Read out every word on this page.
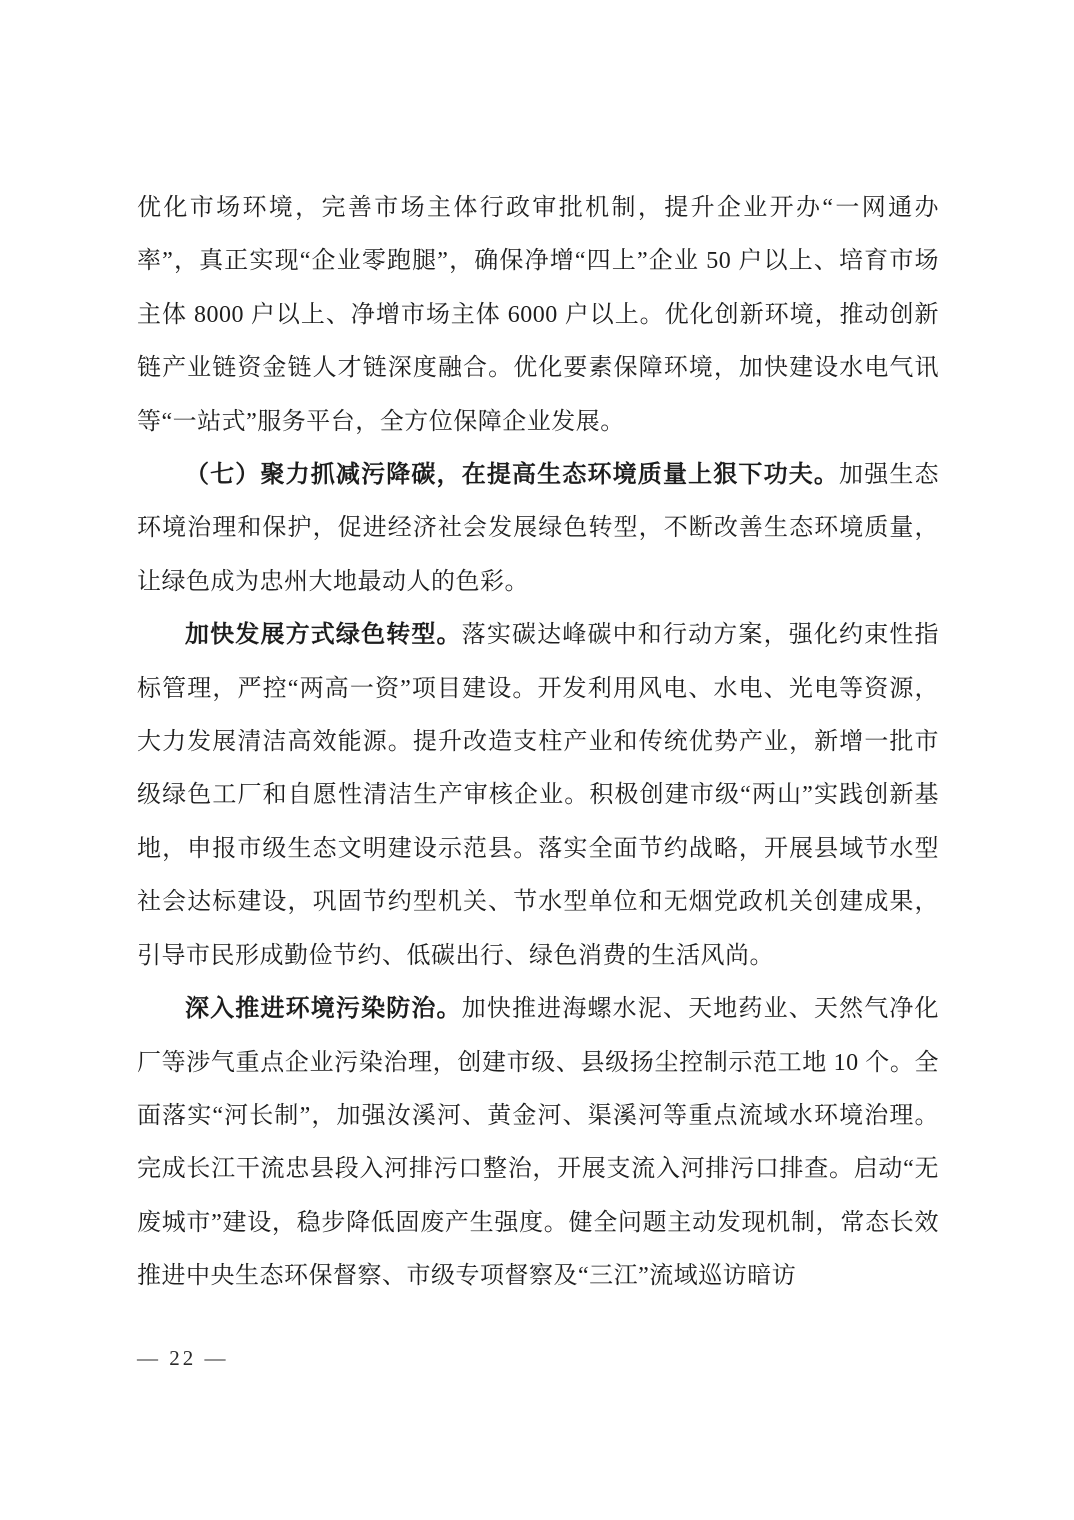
优化市场环境，完善市场主体行政审批机制，提升企业开办“一网通办率”，真正实现“企业零跑腿”，确保净增“四上”企业 50 户以上、培育市场主体 8000 户以上、净增市场主体 6000 户以上。优化创新环境，推动创新链产业链资金链人才链深度融合。优化要素保障环境，加快建设水电气讯等“一站式”服务平台，全方位保障企业发展。

（七）聚力抓减污降碳，在提高生态环境质量上狠下功夫。加强生态环境治理和保护，促进经济社会发展绿色转型，不断改善生态环境质量，让绿色成为忠州大地最动人的色彩。

加快发展方式绿色转型。落实碳达峰碳中和行动方案，强化约束性指标管理，严控“两高一资”项目建设。开发利用风电、水电、光电等资源，大力发展清洁高效能源。提升改造支柱产业和传统优势产业，新增一批市级绿色工厂和自愿性清洁生产审核企业。积极创建市级“两山”实践创新基地，申报市级生态文明建设示范县。落实全面节约战略，开展县域节水型社会达标建设，巩固节约型机关、节水型单位和无烟党政机关创建成果，引导市民形成勤俭节约、低碳出行、绿色消费的生活风尚。

深入推进环境污染防治。加快推进海螺水泥、天地药业、天然气净化厂等涉气重点企业污染治理，创建市级、县级扬尘控制示范工地 10 个。全面落实“河长制”，加强汝溪河、黄金河、渠溪河等重点流域水环境治理。完成长江干流忠县段入河排污口整治，开展支流入河排污口排查。启动“无废城市”建设，稳步降低固废产生强度。健全问题主动发现机制，常态长效推进中央生态环保督察、市级专项督察及“三江”流域巡访暗访

— 22 —
